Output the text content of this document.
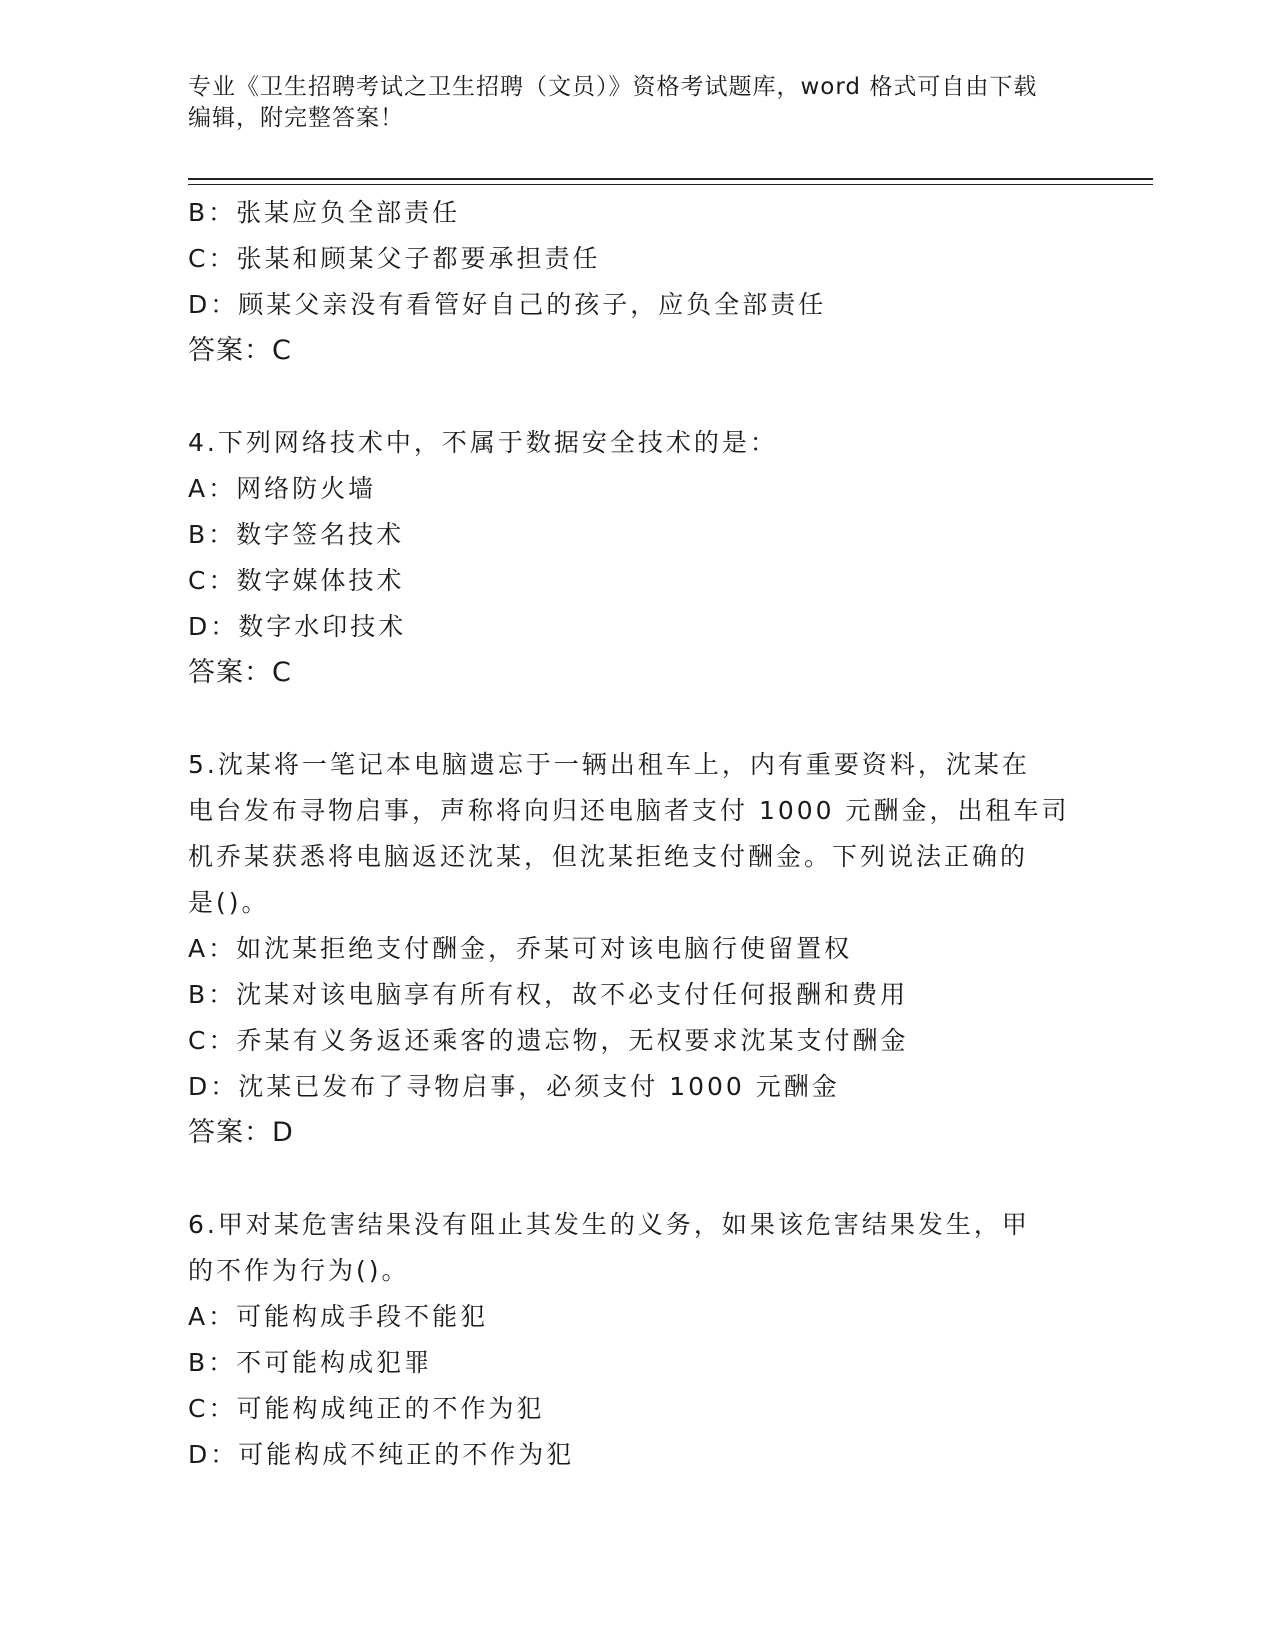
专业《卫生招聘考试之卫生招聘（文员）》资格考试题库，word 格式可自由下载
编辑，附完整答案！
B：张某应负全部责任
C：张某和顾某父子都要承担责任
D：顾某父亲没有看管好自己的孩子，应负全部责任
答案：C
4.下列网络技术中，不属于数据安全技术的是：
A：网络防火墙
B：数字签名技术
C：数字媒体技术
D：数字水印技术
答案：C
5.沈某将一笔记本电脑遗忘于一辆出租车上，内有重要资料，沈某在
电台发布寻物启事，声称将向归还电脑者支付 1000 元酬金，出租车司
机乔某获悉将电脑返还沈某，但沈某拒绝支付酬金。下列说法正确的
是()。
A：如沈某拒绝支付酬金，乔某可对该电脑行使留置权
B：沈某对该电脑享有所有权，故不必支付任何报酬和费用
C：乔某有义务返还乘客的遗忘物，无权要求沈某支付酬金
D：沈某已发布了寻物启事，必须支付 1000 元酬金
答案：D
6.甲对某危害结果没有阻止其发生的义务，如果该危害结果发生，甲
的不作为行为()。
A：可能构成手段不能犯
B：不可能构成犯罪
C：可能构成纯正的不作为犯
D：可能构成不纯正的不作为犯
